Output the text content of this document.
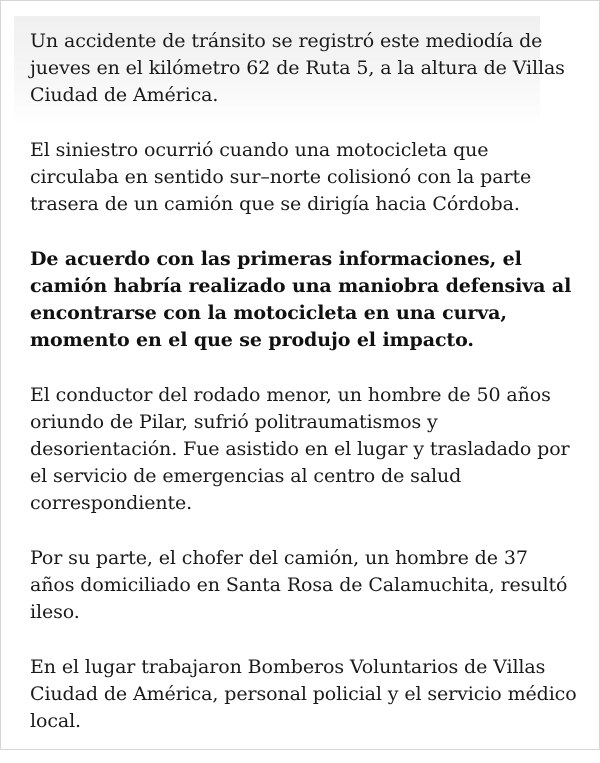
Un accidente de tránsito se registró este mediodía de jueves en el kilómetro 62 de Ruta 5, a la altura de Villas Ciudad de América.

El siniestro ocurrió cuando una motocicleta que circulaba en sentido sur–norte colisionó con la parte trasera de un camión que se dirigía hacia Córdoba.

De acuerdo con las primeras informaciones, el camión habría realizado una maniobra defensiva al encontrarse con la motocicleta en una curva, momento en el que se produjo el impacto.

El conductor del rodado menor, un hombre de 50 años oriundo de Pilar, sufrió politraumatismos y desorientación. Fue asistido en el lugar y trasladado por el servicio de emergencias al centro de salud correspondiente.

Por su parte, el chofer del camión, un hombre de 37 años domiciliado en Santa Rosa de Calamuchita, resultó ileso.

En el lugar trabajaron Bomberos Voluntarios de Villas Ciudad de América, personal policial y el servicio médico local.
